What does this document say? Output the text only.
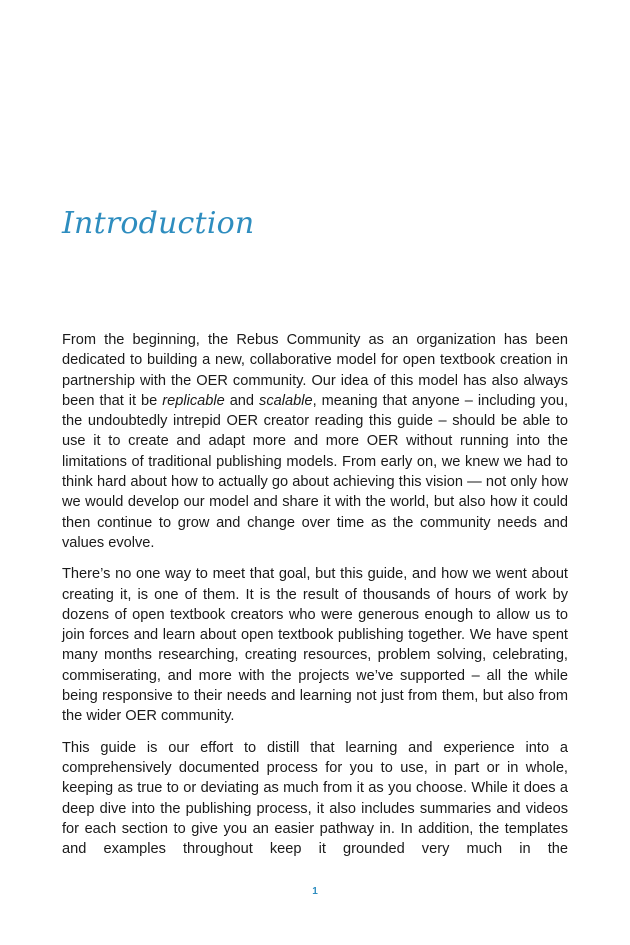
Introduction

From the beginning, the Rebus Community as an organization has been dedicated to building a new, collaborative model for open textbook creation in partnership with the OER community. Our idea of this model has also always been that it be replicable and scalable, meaning that anyone – including you, the undoubtedly intrepid OER creator reading this guide – should be able to use it to create and adapt more and more OER without running into the limitations of traditional publishing models. From early on, we knew we had to think hard about how to actually go about achieving this vision — not only how we would develop our model and share it with the world, but also how it could then continue to grow and change over time as the community needs and values evolve.

There’s no one way to meet that goal, but this guide, and how we went about creating it, is one of them. It is the result of thousands of hours of work by dozens of open textbook creators who were generous enough to allow us to join forces and learn about open textbook publishing together. We have spent many months researching, creating resources, problem solving, celebrating, commiserating, and more with the projects we’ve supported – all the while being responsive to their needs and learning not just from them, but also from the wider OER community.

This guide is our effort to distill that learning and experience into a comprehensively documented process for you to use, in part or in whole, keeping as true to or deviating as much from it as you choose. While it does a deep dive into the publishing process, it also includes summaries and videos for each section to give you an easier pathway in. In addition, the templates and examples throughout keep it grounded very much in the

1
